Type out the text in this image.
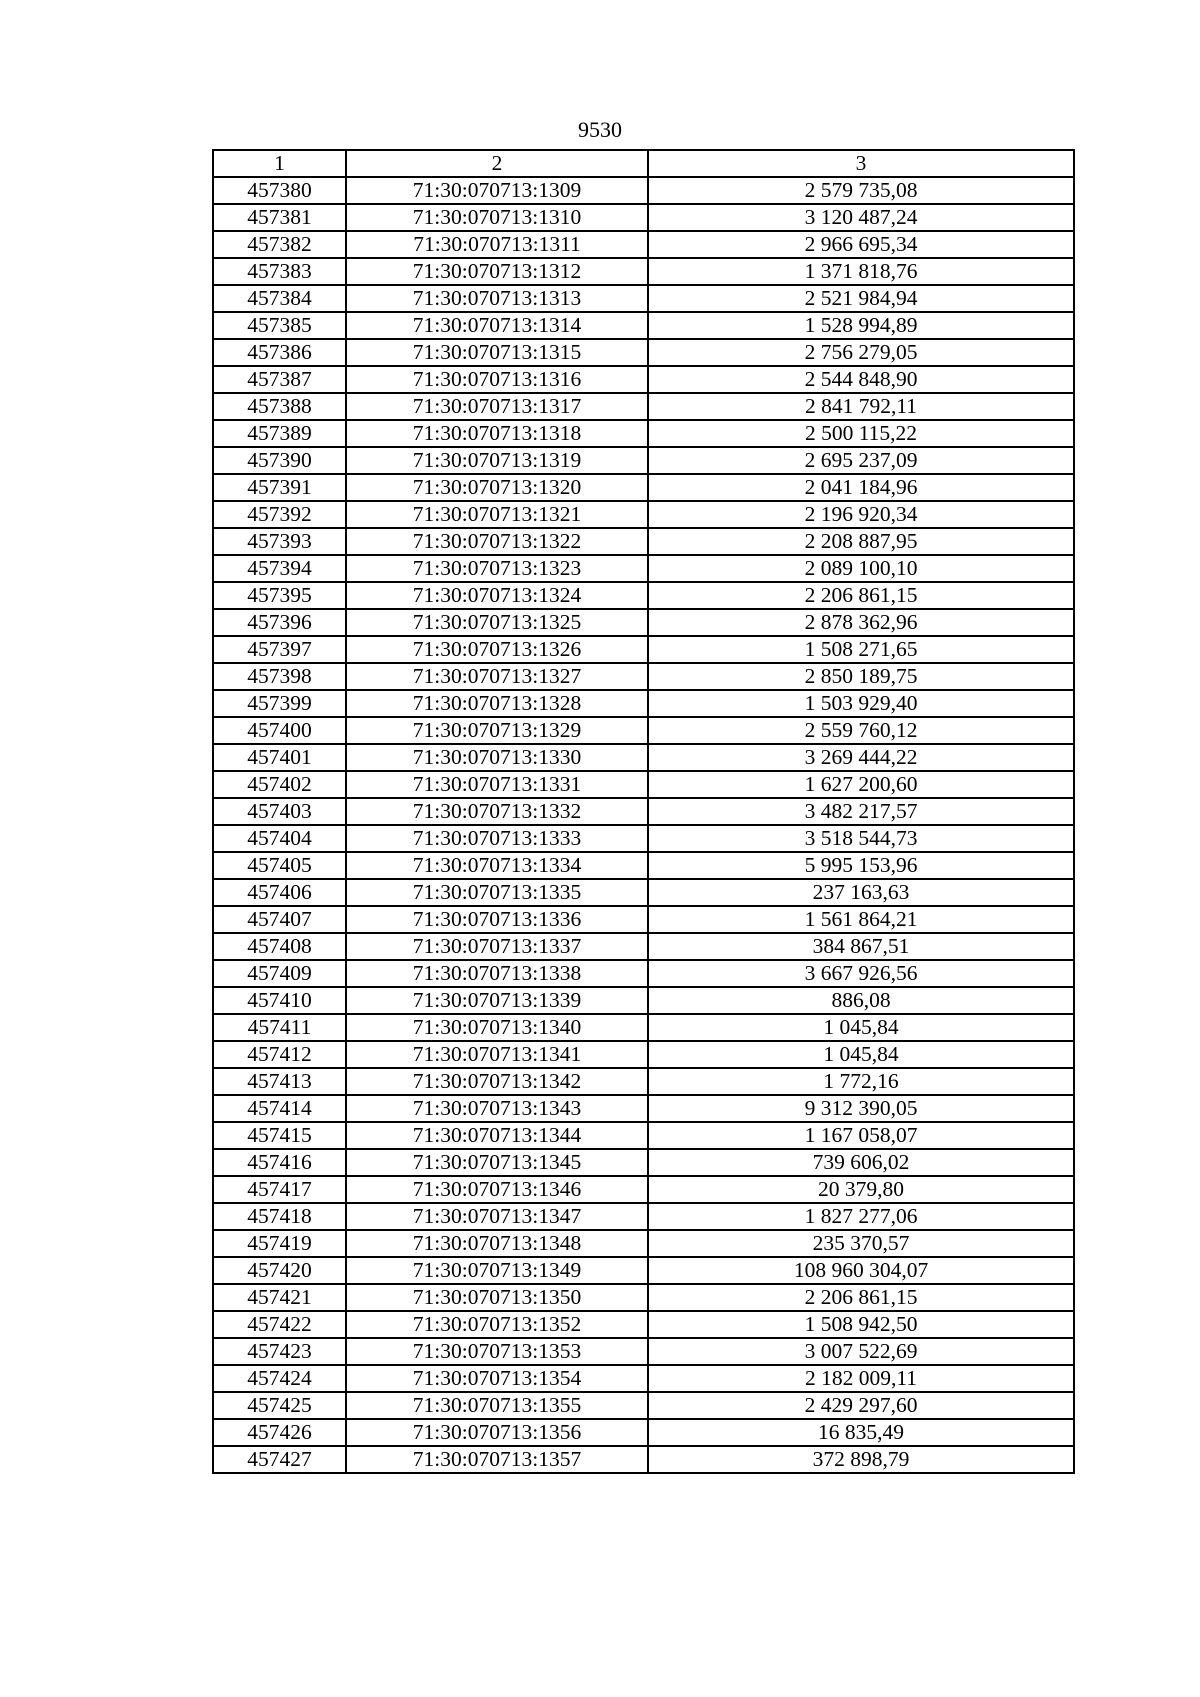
9530
1	2	3
457380	71:30:070713:1309	2 579 735,08
457381	71:30:070713:1310	3 120 487,24
457382	71:30:070713:1311	2 966 695,34
457383	71:30:070713:1312	1 371 818,76
457384	71:30:070713:1313	2 521 984,94
457385	71:30:070713:1314	1 528 994,89
457386	71:30:070713:1315	2 756 279,05
457387	71:30:070713:1316	2 544 848,90
457388	71:30:070713:1317	2 841 792,11
457389	71:30:070713:1318	2 500 115,22
457390	71:30:070713:1319	2 695 237,09
457391	71:30:070713:1320	2 041 184,96
457392	71:30:070713:1321	2 196 920,34
457393	71:30:070713:1322	2 208 887,95
457394	71:30:070713:1323	2 089 100,10
457395	71:30:070713:1324	2 206 861,15
457396	71:30:070713:1325	2 878 362,96
457397	71:30:070713:1326	1 508 271,65
457398	71:30:070713:1327	2 850 189,75
457399	71:30:070713:1328	1 503 929,40
457400	71:30:070713:1329	2 559 760,12
457401	71:30:070713:1330	3 269 444,22
457402	71:30:070713:1331	1 627 200,60
457403	71:30:070713:1332	3 482 217,57
457404	71:30:070713:1333	3 518 544,73
457405	71:30:070713:1334	5 995 153,96
457406	71:30:070713:1335	237 163,63
457407	71:30:070713:1336	1 561 864,21
457408	71:30:070713:1337	384 867,51
457409	71:30:070713:1338	3 667 926,56
457410	71:30:070713:1339	886,08
457411	71:30:070713:1340	1 045,84
457412	71:30:070713:1341	1 045,84
457413	71:30:070713:1342	1 772,16
457414	71:30:070713:1343	9 312 390,05
457415	71:30:070713:1344	1 167 058,07
457416	71:30:070713:1345	739 606,02
457417	71:30:070713:1346	20 379,80
457418	71:30:070713:1347	1 827 277,06
457419	71:30:070713:1348	235 370,57
457420	71:30:070713:1349	108 960 304,07
457421	71:30:070713:1350	2 206 861,15
457422	71:30:070713:1352	1 508 942,50
457423	71:30:070713:1353	3 007 522,69
457424	71:30:070713:1354	2 182 009,11
457425	71:30:070713:1355	2 429 297,60
457426	71:30:070713:1356	16 835,49
457427	71:30:070713:1357	372 898,79
